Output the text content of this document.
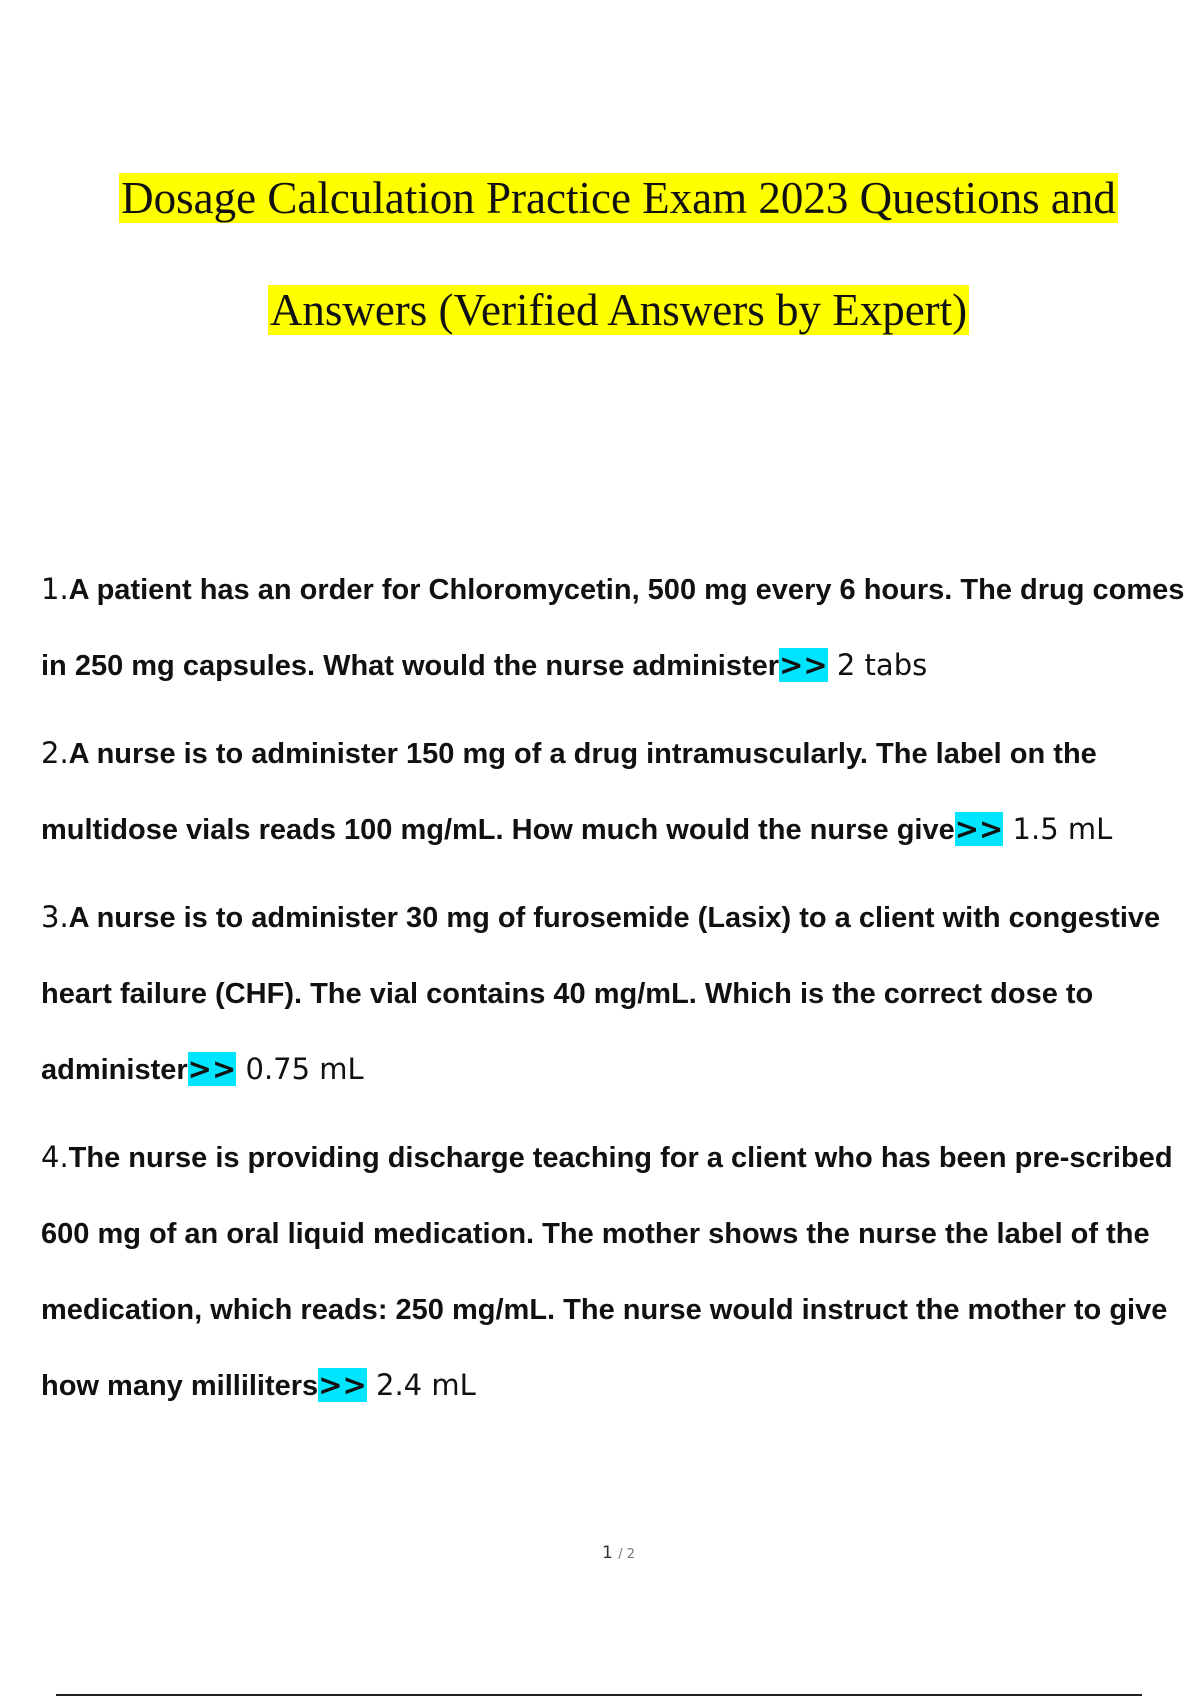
Dosage Calculation Practice Exam 2023 Questions and
Answers (Verified Answers by Expert)

1.A patient has an order for Chloromycetin, 500 mg every 6 hours. The drug comes in 250 mg capsules. What would the nurse administer>> 2 tabs

2.A nurse is to administer 150 mg of a drug intramuscularly. The label on the multidose vials reads 100 mg/mL. How much would the nurse give>> 1.5 mL

3.A nurse is to administer 30 mg of furosemide (Lasix) to a client with congestive heart failure (CHF). The vial contains 40 mg/mL. Which is the correct dose to administer>> 0.75 mL

4.The nurse is providing discharge teaching for a client who has been pre-scribed 600 mg of an oral liquid medication. The mother shows the nurse the label of the medication, which reads: 250 mg/mL. The nurse would instruct the mother to give how many milliliters>> 2.4 mL

1 / 2
